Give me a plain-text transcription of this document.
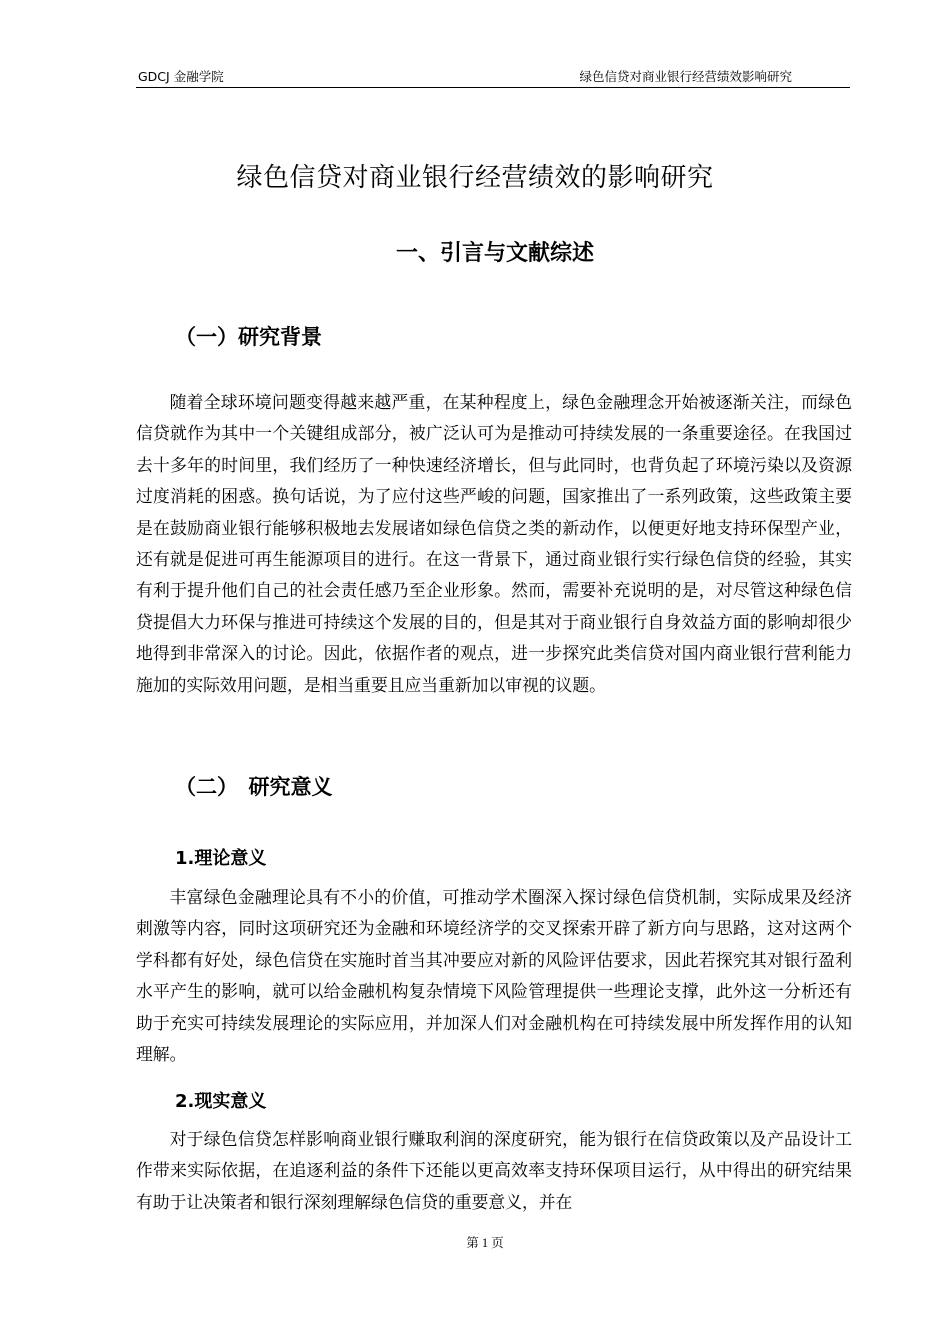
GDCJ 金融学院	绿色信贷对商业银行经营绩效影响研究
绿色信贷对商业银行经营绩效的影响研究
一、引言与文献综述
（一）研究背景

随着全球环境问题变得越来越严重，在某种程度上，绿色金融理念开始被逐渐关注，而绿色信贷就作为其中一个关键组成部分，被广泛认可为是推动可持续发展的一条重要途径。在我国过去十多年的时间里，我们经历了一种快速经济增长，但与此同时，也背负起了环境污染以及资源过度消耗的困惑。换句话说，为了应付这些严峻的问题，国家推出了一系列政策，这些政策主要是在鼓励商业银行能够积极地去发展诸如绿色信贷之类的新动作，以便更好地支持环保型产业，还有就是促进可再生能源项目的进行。在这一背景下，通过商业银行实行绿色信贷的经验，其实有利于提升他们自己的社会责任感乃至企业形象。然而，需要补充说明的是，对尽管这种绿色信贷提倡大力环保与推进可持续这个发展的目的，但是其对于商业银行自身效益方面的影响却很少地得到非常深入的讨论。因此，依据作者的观点，进一步探究此类信贷对国内商业银行营利能力施加的实际效用问题，是相当重要且应当重新加以审视的议题。

（二）　研究意义
1.理论意义

丰富绿色金融理论具有不小的价值，可推动学术圈深入探讨绿色信贷机制，实际成果及经济刺激等内容，同时这项研究还为金融和环境经济学的交叉探索开辟了新方向与思路，这对这两个学科都有好处，绿色信贷在实施时首当其冲要应对新的风险评估要求，因此若探究其对银行盈利水平产生的影响，就可以给金融机构复杂情境下风险管理提供一些理论支撑，此外这一分析还有助于充实可持续发展理论的实际应用，并加深人们对金融机构在可持续发展中所发挥作用的认知理解。

2.现实意义

对于绿色信贷怎样影响商业银行赚取利润的深度研究，能为银行在信贷政策以及产品设计工作带来实际依据，在追逐利益的条件下还能以更高效率支持环保项目运行，从中得出的研究结果有助于让决策者和银行深刻理解绿色信贷的重要意义，并在

第 1 页
